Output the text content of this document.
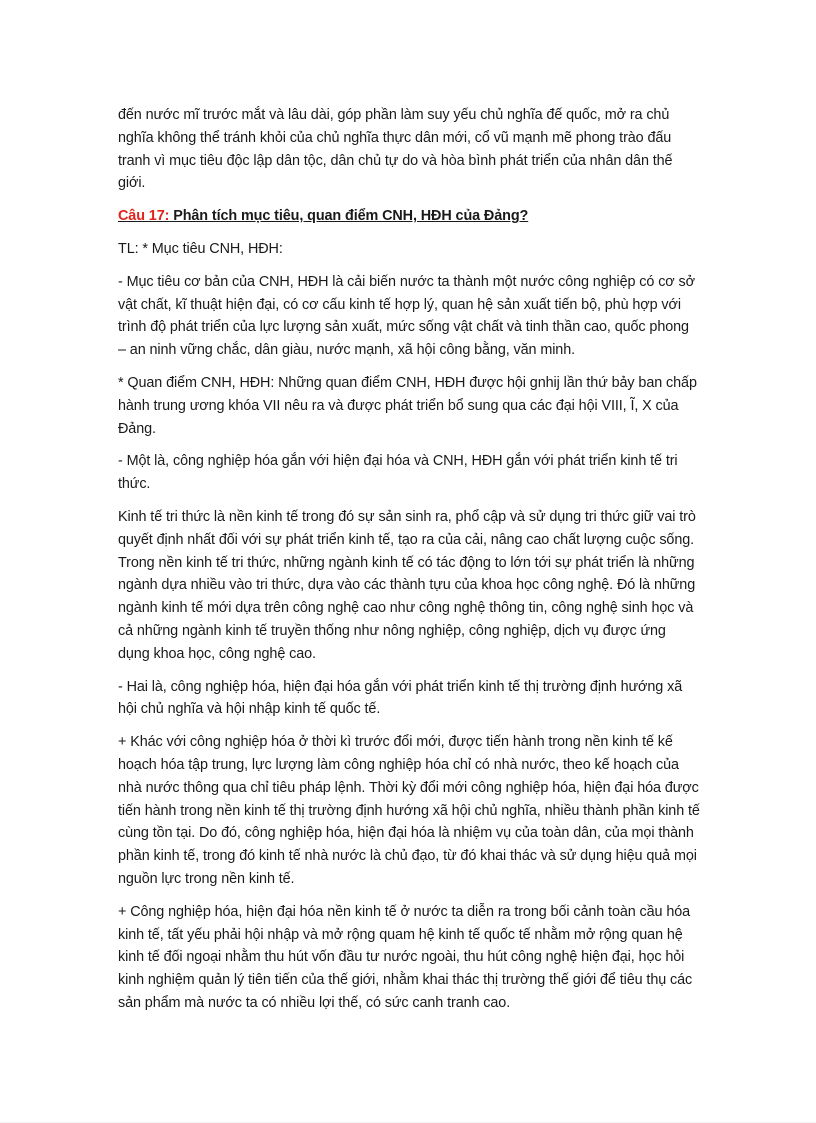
đến nước mĩ trước mắt và lâu dài, góp phần làm suy yếu chủ nghĩa đế quốc, mở ra chủ nghĩa không thể tránh khỏi của chủ nghĩa thực dân mới, cổ vũ mạnh mẽ phong trào đấu tranh vì mục tiêu độc lập dân tộc, dân chủ tự do và hòa bình phát triển của nhân dân thế giới.

Câu 17: Phân tích mục tiêu, quan điểm CNH, HĐH của Đảng?

TL: * Mục tiêu CNH, HĐH:

- Mục tiêu cơ bản của CNH, HĐH là cải biến nước ta thành một nước công nghiệp có cơ sở vật chất, kĩ thuật hiện đại, có cơ cấu kinh tế hợp lý, quan hệ sản xuất tiến bộ, phù hợp với trình độ phát triển của lực lượng sản xuất, mức sống vật chất và tinh thần cao, quốc phong – an ninh vững chắc, dân giàu, nước mạnh, xã hội công bằng, văn minh.

* Quan điểm CNH, HĐH: Những quan điểm CNH, HĐH được hội gnhij lần thứ bảy ban chấp hành trung ương khóa VII nêu ra và được phát triển bổ sung qua các đại hội VIII, Ĩ, X của Đảng.

- Một là, công nghiệp hóa gắn với hiện đại hóa và CNH, HĐH gắn với phát triển kinh tế tri thức.

Kinh tế tri thức là nền kinh tế trong đó sự sản sinh ra, phổ cập và sử dụng tri thức giữ vai trò quyết định nhất đối với sự phát triển kinh tế, tạo ra của cải, nâng cao chất lượng cuộc sống. Trong nền kinh tế tri thức, những ngành kinh tế có tác động to lớn tới sự phát triển là những ngành dựa nhiều vào tri thức, dựa vào các thành tựu của khoa học công nghệ. Đó là những ngành kinh tế mới dựa trên công nghệ cao như công nghệ thông tin, công nghệ sinh học và cả những ngành kinh tế truyền thống như nông nghiệp, công nghiệp, dịch vụ được ứng dụng khoa học, công nghệ cao.

- Hai là, công nghiệp hóa, hiện đại hóa gắn với phát triển kinh tế thị trường định hướng xã hội chủ nghĩa và hội nhập kinh tế quốc tế.

+ Khác với công nghiệp hóa ở thời kì trước đổi mới, được tiến hành trong nền kinh tế kế hoạch hóa tập trung, lực lượng làm công nghiệp hóa chỉ có nhà nước, theo kế hoạch của nhà nước thông qua chỉ tiêu pháp lệnh. Thời kỳ đổi mới công nghiệp hóa, hiện đại hóa được tiến hành trong nền kinh tế thị trường định hướng xã hội chủ nghĩa, nhiều thành phần kinh tế cùng tồn tại. Do đó, công nghiệp hóa, hiện đại hóa là nhiệm vụ của toàn dân, của mọi thành phần kinh tế, trong đó kinh tế nhà nước là chủ đạo, từ đó khai thác và sử dụng hiệu quả mọi nguồn lực trong nền kinh tế.

+ Công nghiệp hóa, hiện đại hóa nền kinh tế ở nước ta diễn ra trong bối cảnh toàn cầu hóa kinh tế, tất yếu phải hội nhập và mở rộng quam hệ kinh tế quốc tế nhằm mở rộng quan hệ kinh tế đối ngoại nhằm thu hút vốn đầu tư nước ngoài, thu hút công nghệ hiện đại, học hỏi kinh nghiệm quản lý tiên tiến của thế giới, nhằm khai thác thị trường thế giới để tiêu thụ các sản phẩm mà nước ta có nhiều lợi thế, có sức canh tranh cao.
